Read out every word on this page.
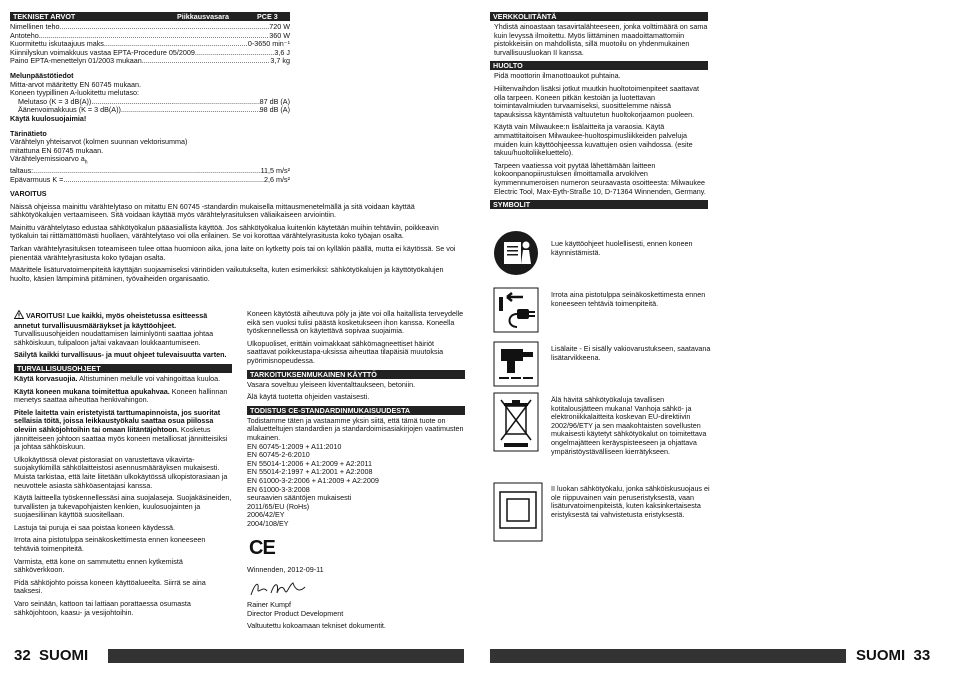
TEKNISET ARVOT	Piikkausvasara	PCE 3
Nimellinen teho .....	720 W
Antoteho .....	360 W
Kuormitettu iskutaajuus maks. .....	0-3650 min⁻¹
Kiinnilyskun voimakkuus vastaa EPTA-Procedure 05/2009 .....	3,6 J
Paino EPTA-menettelyn 01/2003 mukaan .....	3,7 kg
Melunpäästötiedot
Mitta-arvot määritetty EN 60745 mukaan.
Koneen tyypillinen A-luokitettu melutaso:
Melutaso (K = 3 dB(A)) .....	87 dB (A)
Äänenvoimakkuus (K = 3 dB(A)) .....	98 dB (A)
Käytä kuulosuojaimia!
Tärinätieto
Värähtelyn yhteisarvot (kolmen suunnan vektorisumma)
mitattuna EN 60745 mukaan.
Värähtelyemissioarvo $a_h$
taltaus: .....	11,5 m/s²
Epävarmuus K = .....	2,6 m/s²
VAROITUS

Näissä ohjeissa mainittu värähtelytaso on mitattu EN 60745 -standardin mukaisella mittausmenetelmällä ja sitä voidaan käyttää sähkötyökalujen vertaamiseen. Sitä voidaan käyttää myös värähtelyrasituksen väliaikaiseen arviointiin.

Mainittu värähtelytaso edustaa sähkötyökalun pääasiallista käyttöä. Jos sähkötyökalua kuitenkin käytetään muihin tehtäviin, poikkeavin työkaluin tai riittämättömästi huollaen, värähtelytaso voi olla erilainen. Se voi korottaa värähtelyrasitusta koko työajan osalta.

Tarkan värähtelyrasituksen toteamiseen tulee ottaa huomioon aika, jona laite on kytketty pois tai on kylläkin päällä, mutta ei käytössä. Se voi pienentää värähtelyrasitusta koko työajan osalta.

Määrittele lisäturvatoimenpiteitä käyttäjän suojaamiseksi värinöiden vaikutukselta, kuten esimerkiksi: sähkötyökalujen ja käyttötyökalujen huolto, käsien lämpiminä pitäminen, työvaiheiden organisaatio.

VAROITUS! Lue kaikki, myös oheistetussa esitteessä annetut turvallisuusmääräykset ja käyttöohjeet. Turvallisuusohjeiden noudattamisen laiminlyönti saattaa johtaa sähköiskuun, tulipaloon ja/tai vakavaan loukkaantumiseen.

Säilytä kaikki turvallisuus- ja muut ohjeet tulevaisuutta varten.

TURVALLISUUSOHJEET

Käytä korvasuojia. Altistuminen melulle voi vahingoittaa kuuloa.

Käytä koneen mukana toimitettua apukahvaa. Koneen hallinnan menetys saattaa aiheuttaa henkivahingon.

Pitele laitetta vain eristetyistä tarttumapinnoista, jos suoritat sellaisia töitä, joissa leikkaustyökalu saattaa osua piilossa oleviin sähköjohtoihin tai omaan liitäntäjohtoon. Kosketus jännitteiseen johtoon saattaa myös koneen metalliosat jännitteisiksi ja johtaa sähköiskuun.

Ulkokäytössä olevat pistorasiat on varustettava vikavirta-suojakytkimillä sähkölaitteistosi asennusmääräyksen mukaisesti. Muista tarkistaa, että laite liitetään ulkokäytössä ulkopistorasiaan ja neuvottele asiasta sähköasentajasi kanssa.

Käytä laitteella työskennellessäsi aina suojalaseja. Suojakäsineiden, turvallisten ja tukevapohjaisten kenkien, kuulosuojainten ja suojaesiliinan käyttöä suositellaan.

Lastuja tai puruja ei saa poistaa koneen käydessä.

Irrota aina pistotulppa seinäkoskettimesta ennen koneeseen tehtäviä toimenpiteitä.

Varmista, että kone on sammutettu ennen kytkemistä sähköverkkoon.

Pidä sähköjohto poissa koneen käyttöalueelta. Siirrä se aina taaksesi.

Varo seinään, kattoon tai lattiaan porattaessa osumasta sähköjohtoon, kaasu- ja vesijohtoihin.

Koneen käytöstä aiheutuva pöly ja jäte voi olla haitallista terveydelle eikä sen vuoksi tulisi päästä kosketukseen ihon kanssa. Koneella työskennellessä on käytettävä sopivaa suojaimia.

Ulkopuoliset, erittäin voimakkaat sähkömagneettiset häiriöt saattavat poikkeustapa-uksissa aiheuttaa tilapäisiä muutoksia pyörimisnopeudessa.

TARKOITUKSENMUKAINEN KÄYTTÖ

Vasara soveltuu yleiseen kiventalttaukseen, betoniin.

Älä käytä tuotetta ohjeiden vastaisesti.

TODISTUS CE-STANDARDINMUKAISUUDESTA
Todistamme täten ja vastaamme yksin siitä, että tämä tuote on allaluetteltujen standardien ja standardoimisasiakirjojen vaatimusten mukainen.
EN 60745-1:2009 + A11:2010
EN 60745-2-6:2010
EN 55014-1:2006 + A1:2009 + A2:2011
EN 55014-2:1997 + A1:2001 + A2:2008
EN 61000-3-2:2006 + A1:2009 + A2:2009
EN 61000-3-3:2008
seuraavien sääntöjen mukaisesti
2011/65/EU (RoHs)
2006/42/EY
2004/108/EY
CE
Winnenden, 2012-09-11
Rainer Kumpf
Director Product Development
Valtuutettu kokoamaan tekniset dokumentit.
32 SUOMI
VERKKOLIITÄNTÄ

Yhdistä ainoastaan tasavirtalähteeseen, jonka volttimäärä on sama kuin levyssä ilmoitettu. Myös liittäminen maadoittamattomiin pistokkeisiin on mahdollista, sillä muotoilu on yhdenmukainen turvallisuusluokan II kanssa.

HUOLTO

Pidä moottorin ilmanottoaukot puhtaina.

Hiiltenvaihdon lisäksi jotkut muutkin huoltotoimenpiteet saattavat olla tarpeen. Koneen pitkän kestoiän ja luotettavan toimintavalmiuden turvaamiseksi, suosittelemme näissä tapauksissa käyntämistä valtuutetun huoltokorjaamon puoleen.

Käytä vain Milwaukee:n lisälaitteita ja varaosia. Käytä ammattitaitoisen Milwaukee-huoltospimusliikkeiden palveluja muiden kuin käyttöohjeessa kuvattujen osien vaihdossa. (esite takuu/huoltoliikeluettelo).

Tarpeen vaatiessa voit pyytää lähettämään laitteen kokoonpanopiirustuksen ilmoittamalla arvokilven kymmennumeroisen numeron seuraavasta osoitteesta: Milwaukee Electric Tool, Max-Eyth-Straße 10, D-71364 Winnenden, Germany.

SYMBOLIT
Lue käyttöohjeet huolellisesti, ennen koneen käynnistämistä.
Irrota aina pistotulppa seinäkoskettimesta ennen koneeseen tehtäviä toimenpiteitä.
Lisälaite - Ei sisälly vakiovarustukseen, saatavana lisätarvikkeena.
Älä hävitä sähkötyökaluja tavallisen kotitalousjätteen mukana! Vanhoja sähkö- ja elektroniikkalaitteita koskevan EU-direktiivin 2002/96/ETY ja sen maakohtaisten sovellusten mukaisesti käytetyt sähkötyökalut on toimitettava ongelmajätteen keräyspisteeseen ja ohjattava ympäristöystävälliseen kierrätykseen.
II luokan sähkötyökalu, jonka sähköiskusuojaus ei ole riippuvainen vain peruseristyksestä, vaan lisäturvatoimenpiteistä, kuten kaksinkertaisesta eristyksestä tai vahvistetusta eristyksestä.
SUOMI 33
